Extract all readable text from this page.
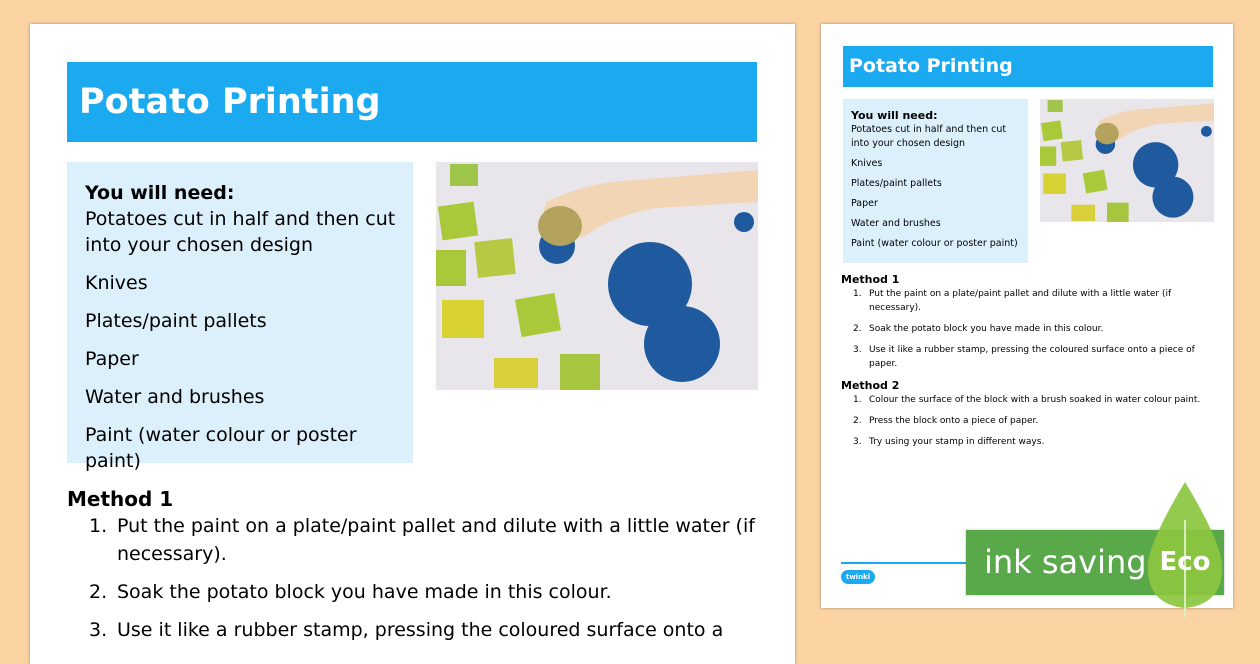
Potato Printing
You will need:
Potatoes cut in half and then cut into your chosen design
Knives
Plates/paint pallets
Paper
Water and brushes
Paint (water colour or poster paint)
Method 1
1. Put the paint on a plate/paint pallet and dilute with a little water (if necessary).
2. Soak the potato block you have made in this colour.
3. Use it like a rubber stamp, pressing the coloured surface onto a
Potato Printing
You will need:
Potatoes cut in half and then cut into your chosen design
Knives
Plates/paint pallets
Paper
Water and brushes
Paint (water colour or poster paint)
Method 1
1. Put the paint on a plate/paint pallet and dilute with a little water (if necessary).
2. Soak the potato block you have made in this colour.
3. Use it like a rubber stamp, pressing the coloured surface onto a piece of paper.
Method 2
1. Colour the surface of the block with a brush soaked in water colour paint.
2. Press the block onto a piece of paper.
3. Try using your stamp in different ways.
twinkl	ink saving Eco
